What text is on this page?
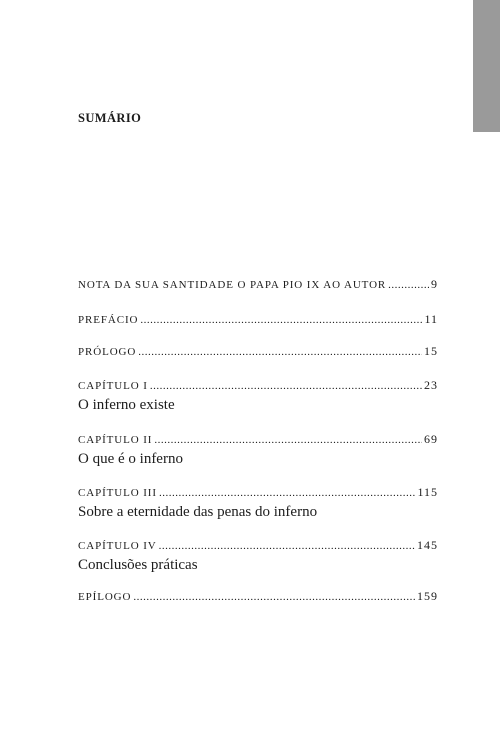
SUMÁRIO
NOTA DA SUA SANTIDADE O PAPA PIO IX AO AUTOR .....	9
PREFÁCIO .....	11
PRÓLOGO .....	15
CAPÍTULO I .....	23
O inferno existe
CAPÍTULO II .....	69
O que é o inferno
CAPÍTULO III .....	115
Sobre a eternidade das penas do inferno
CAPÍTULO IV .....	145
Conclusões práticas
EPÍLOGO .....	159
